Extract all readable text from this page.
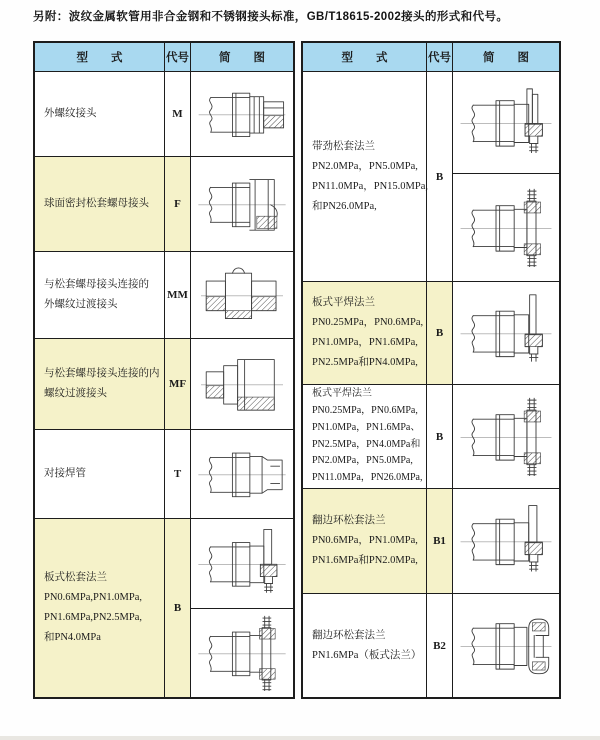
另附：波纹金属软管用非合金钢和不锈钢接头标准，GB/T18615-2002接头的形式和代号。
型　　式	代号	简　　图
外螺纹接头	M
球面密封松套螺母接头	F
与松套螺母接头连接的
外螺纹过渡接头
MM
与松套螺母接头连接的内
螺纹过渡接头
MF
对接焊管	T
板式松套法兰
PN0.6MPa,PN1.0MPa,
PN1.6MPa,PN2.5MPa,
和PN4.0MPa
B
型　　式	代号	简　　图
带劲松套法兰
PN2.0MPa，PN5.0MPa,
PN11.0MPa，PN15.0MPa,
和PN26.0MPa,
B
板式平焊法兰
PN0.25MPa，PN0.6MPa,
PN1.0MPa，PN1.6MPa,
PN2.5MPa和PN4.0MPa,
B
板式平焊法兰
PN0.25MPa，PN0.6MPa,
PN1.0MPa，PN1.6MPa、
PN2.5MPa，PN4.0MPa和
PN2.0MPa，PN5.0MPa,
PN11.0MPa，PN26.0MPa,
B
翻边环松套法兰
PN0.6MPa，PN1.0MPa,
PN1.6MPa和PN2.0MPa,
B1
翻边环松套法兰
PN1.6MPa（板式法兰）
B2
